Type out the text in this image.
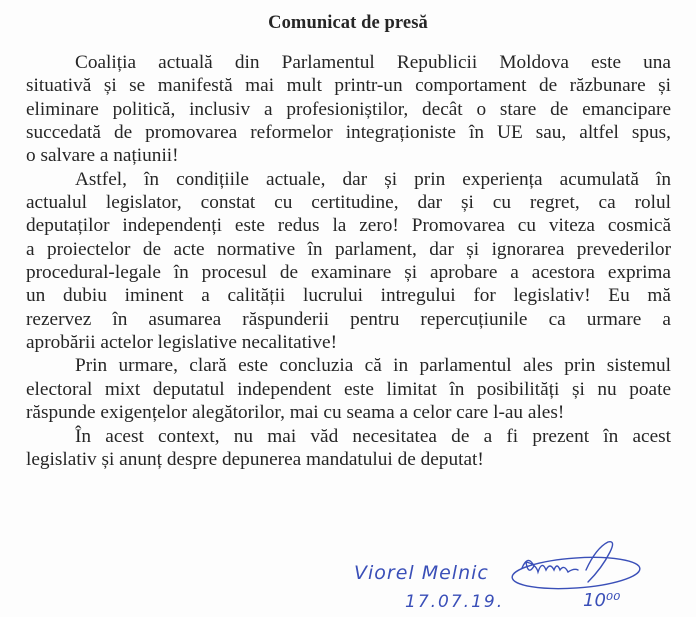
Comunicat de presă
Coaliția actuală din Parlamentul Republicii Moldova este una
situativă și se manifestă mai mult printr-un comportament de răzbunare și
eliminare politică, inclusiv a profesioniștilor, decât o stare de emancipare
succedată de promovarea reformelor integraționiste în UE sau, altfel spus,
o salvare a națiunii!
Astfel, în condițiile actuale, dar și prin experiența acumulată în
actualul legislator, constat cu certitudine, dar și cu regret, ca rolul
deputaților independenți este redus la zero! Promovarea cu viteza cosmică
a proiectelor de acte normative în parlament, dar și ignorarea prevederilor
procedural-legale în procesul de examinare și aprobare a acestora exprima
un dubiu iminent a calității lucrului intregului for legislativ! Eu mă
rezervez în asumarea răspunderii pentru repercuțiunile ca urmare a
aprobării actelor legislative necalitative!
Prin urmare, clară este concluzia că in parlamentul ales prin sistemul
electoral mixt deputatul independent este limitat în posibilități și nu poate
răspunde exigențelor alegătorilor, mai cu seama a celor care l-au ales!
În acest context, nu mai văd necesitatea de a fi prezent în acest
legislativ și anunț despre depunerea mandatului de deputat!
Viorel Melnic
17.07.19.	10⁰⁰
